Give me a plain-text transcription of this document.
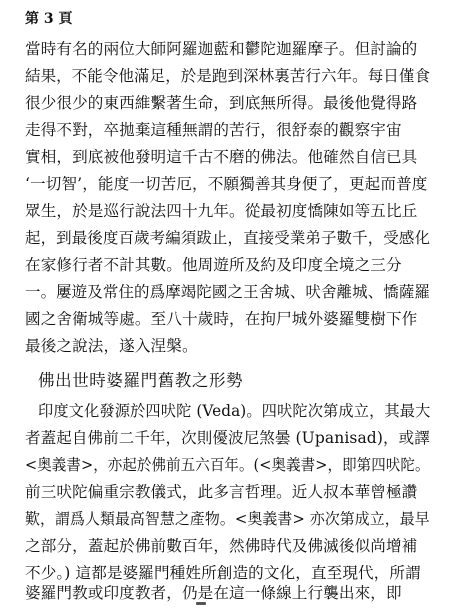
第 3 頁
當時有名的兩位大師阿羅迦藍和鬱陀迦羅摩子。但討論的
結果，不能令他滿足，於是跑到深林裏苦行六年。每日僅食
很少很少的東西維繫著生命，到底無所得。最後他覺得路
走得不對，卒拋棄這種無謂的苦行，很舒泰的觀察宇宙
實相，到底被他發明這千古不磨的佛法。他確然自信已具
‘一切智’，能度一切苦厄，不願獨善其身便了，更起而普度
眾生，於是巡行說法四十九年。從最初度憍陳如等五比丘
起，到最後度百歲考編須跋止，直接受業弟子數千，受感化
在家修行者不計其數。他周遊所及約及印度全境之三分
一。屢遊及常住的爲摩竭陀國之王舍城、吠舍離城、憍薩羅
國之舍衛城等處。至八十歲時，在拘尸城外婆羅雙樹下作
最後之說法，遂入涅槃。
佛出世時婆羅門舊教之形勢
印度文化發源於四吠陀 (Veda)。四吠陀次第成立，其最大
者蓋起自佛前二千年，次則優波尼煞曇 (Upanisad)，或譯
<奥義書>，亦起於佛前五六百年。(<奥義書>，即第四吠陀。
前三吠陀偏重宗教儀式，此多言哲理。近人叔本華曾極讚
歎，謂爲人類最高智慧之產物。<奥義書> 亦次第成立，最早
之部分，蓋起於佛前數百年，然佛時代及佛滅後似尚增補
不少。) 這都是婆羅門種姓所創造的文化，直至現代，所謂
婆羅門教或印度教者，仍是在這一條線上行襲出來，即
